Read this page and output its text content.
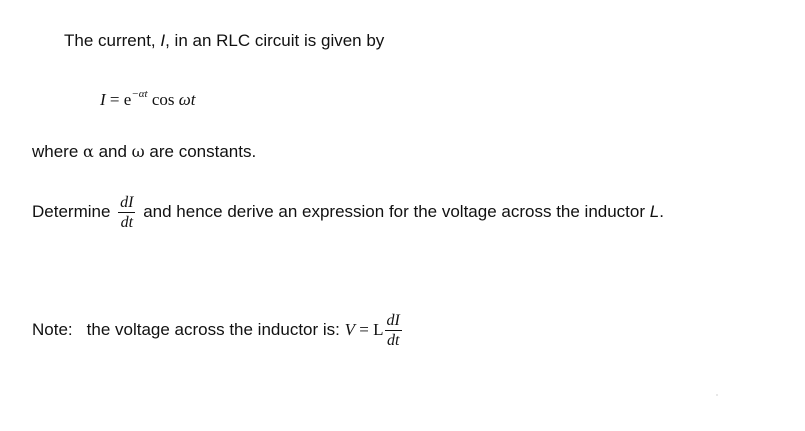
The current, I, in an RLC circuit is given by
$I = e^{-\alpha t}$ cos ωt
where α and ω are constants.
Determine $\frac{dI}{dt}$ and hence derive an expression for the voltage across the inductor L.
Note: the voltage across the inductor is: V = L $\frac{dI}{dt}$
